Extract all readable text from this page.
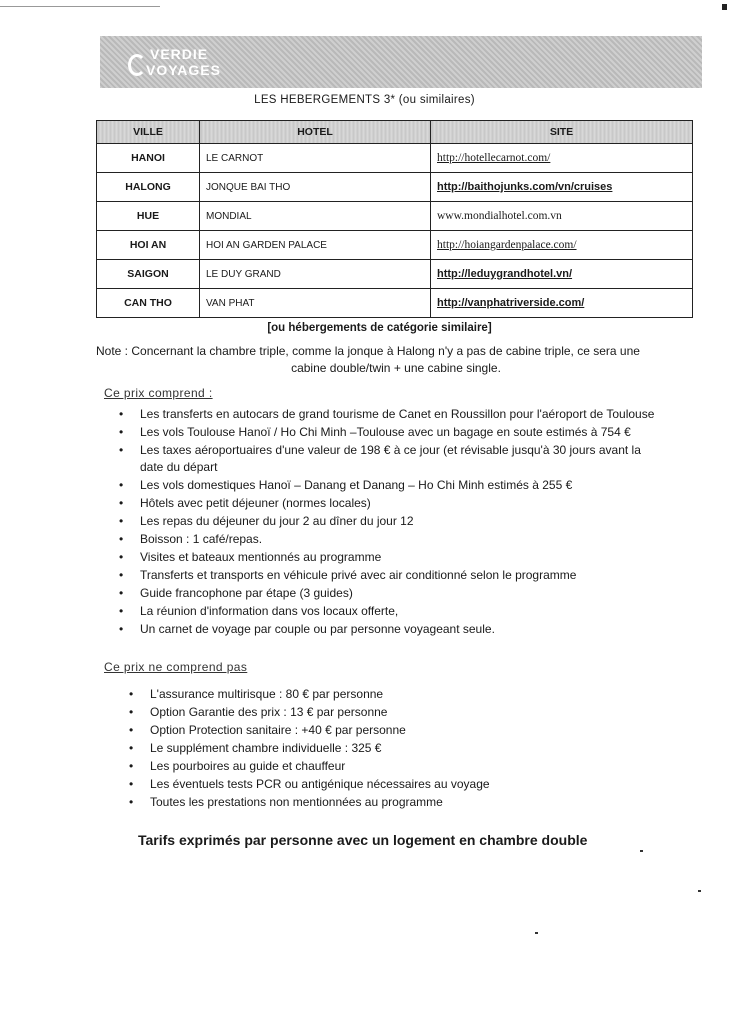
VERDIE
VOYAGES
LES HEBERGEMENTS 3* (ou similaires)
VILLE	HOTEL	SITE
HANOI	LE CARNOT	http://hotellecarnot.com/
HALONG	JONQUE BAI THO	http://baithojunks.com/vn/cruises
HUE	MONDIAL	www.mondialhotel.com.vn
HOI AN	HOI AN GARDEN PALACE	http://hoiangardenpalace.com/
SAIGON	LE DUY GRAND	http://leduygrandhotel.vn/
CAN THO	VAN PHAT	http://vanphatriverside.com/
[ou hébergements de catégorie similaire]
Note : Concernant la chambre triple, comme la jonque à Halong n'y a pas de cabine triple, ce sera une
cabine double/twin + une cabine single.
Ce prix comprend :
• Les transferts en autocars de grand tourisme de Canet en Roussillon pour l'aéroport de Toulouse
• Les vols Toulouse Hanoï / Ho Chi Minh –Toulouse avec un bagage en soute estimés à 754 €
• Les taxes aéroportuaires d'une valeur de 198 € à ce jour (et révisable jusqu'à 30 jours avant la date du départ
• Les vols domestiques Hanoï – Danang et Danang – Ho Chi Minh estimés à 255 €
• Hôtels avec petit déjeuner (normes locales)
• Les repas du déjeuner du jour 2 au dîner du jour 12
• Boisson : 1 café/repas.
• Visites et bateaux mentionnés au programme
• Transferts et transports en véhicule privé avec air conditionné selon le programme
• Guide francophone par étape (3 guides)
• La réunion d'information dans vos locaux offerte,
• Un carnet de voyage par couple ou par personne voyageant seule.
Ce prix ne comprend pas
• L'assurance multirisque : 80 € par personne
• Option Garantie des prix : 13 € par personne
• Option Protection sanitaire : +40 € par personne
• Le supplément chambre individuelle : 325 €
• Les pourboires au guide et chauffeur
• Les éventuels tests PCR ou antigénique nécessaires au voyage
• Toutes les prestations non mentionnées au programme
Tarifs exprimés par personne avec un logement en chambre double
